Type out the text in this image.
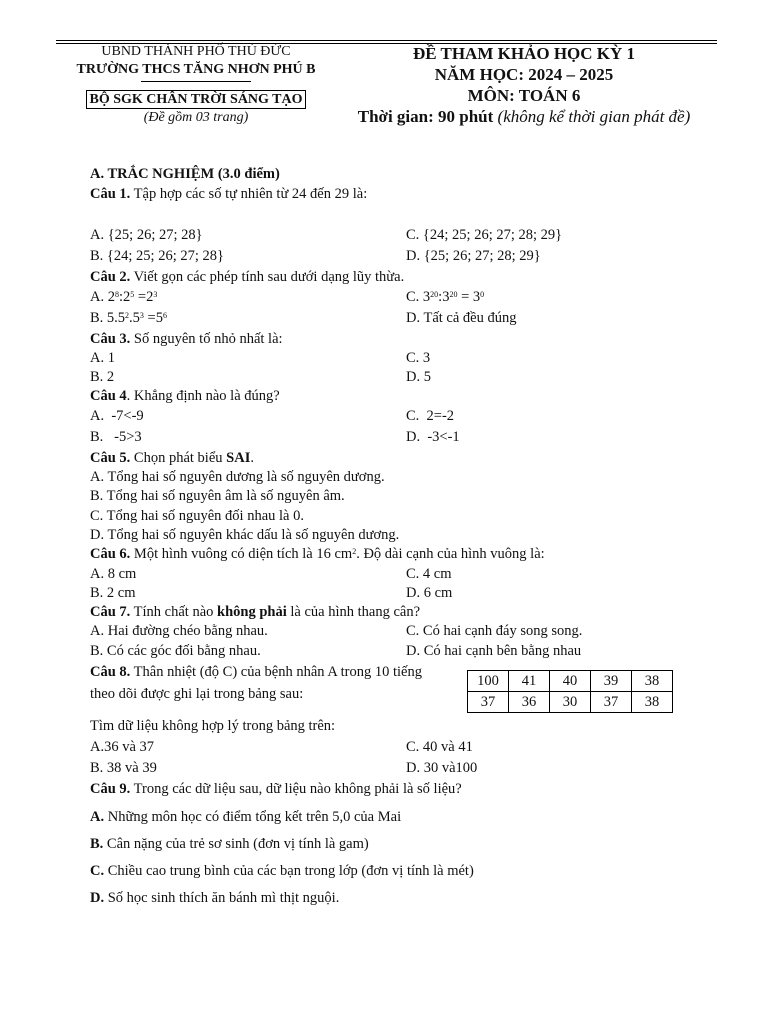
UBND THÀNH PHỐ THỦ ĐỨC
TRƯỜNG THCS TĂNG NHƠN PHÚ B
BỘ SGK CHÂN TRỜI SÁNG TẠO
(Đề gồm 03 trang)
ĐỀ THAM KHẢO HỌC KỲ 1
NĂM HỌC: 2024 – 2025
MÔN: TOÁN 6
Thời gian: 90 phút (không kể thời gian phát đề)
A. TRẮC NGHIỆM (3.0 điểm)
Câu 1. Tập hợp các số tự nhiên từ 24 đến 29 là:
A. {25; 26; 27; 28}	C. {24; 25; 26; 27; 28; 29}
B. {24; 25; 26; 27; 28}	D. {25; 26; 27; 28; 29}
Câu 2. Viết gọn các phép tính sau dưới dạng lũy thừa.
A. $2^8:2^5 =2^3$	C. $3^{20}:3^{20} = 3^0$
B. $5.5^2.5^3 =5^6$	D. Tất cả đều đúng
Câu 3. Số nguyên tố nhỏ nhất là:
A. 1	C. 3
B. 2	D. 5
Câu 4. Khẳng định nào là đúng?
A.  -7<-9	C.  2=-2
B.   -5>3	D.  -3<-1
Câu 5. Chọn phát biểu SAI.
A. Tổng hai số nguyên dương là số nguyên dương.
B. Tổng hai số nguyên âm là số nguyên âm.
C. Tổng hai số nguyên đối nhau là 0.
D. Tổng hai số nguyên khác dấu là số nguyên dương.
Câu 6. Một hình vuông có diện tích là 16 $cm^2$. Độ dài cạnh của hình vuông là:
A. 8 cm	C. 4 cm
B. 2 cm	D. 6 cm
Câu 7. Tính chất nào không phải là của hình thang cân?
A. Hai đường chéo bằng nhau.	C. Có hai cạnh đáy song song.
B. Có các góc đối bằng nhau.	D. Có hai cạnh bên bằng nhau
Câu 8. Thân nhiệt (độ C) của bệnh nhân A trong 10 tiếng
theo dõi được ghi lại trong bảng sau:
100	41	40	39	38
37	36	30	37	38
Tìm dữ liệu không hợp lý trong bảng trên:
A.36 và 37	C. 40 và 41
B. 38 và 39	D. 30 và100
Câu 9. Trong các dữ liệu sau, dữ liệu nào không phải là số liệu?
A. Những môn học có điểm tổng kết trên 5,0 của Mai
B. Cân nặng của trẻ sơ sinh (đơn vị tính là gam)
C. Chiều cao trung bình của các bạn trong lớp (đơn vị tính là mét)
D. Số học sinh thích ăn bánh mì thịt nguội.
